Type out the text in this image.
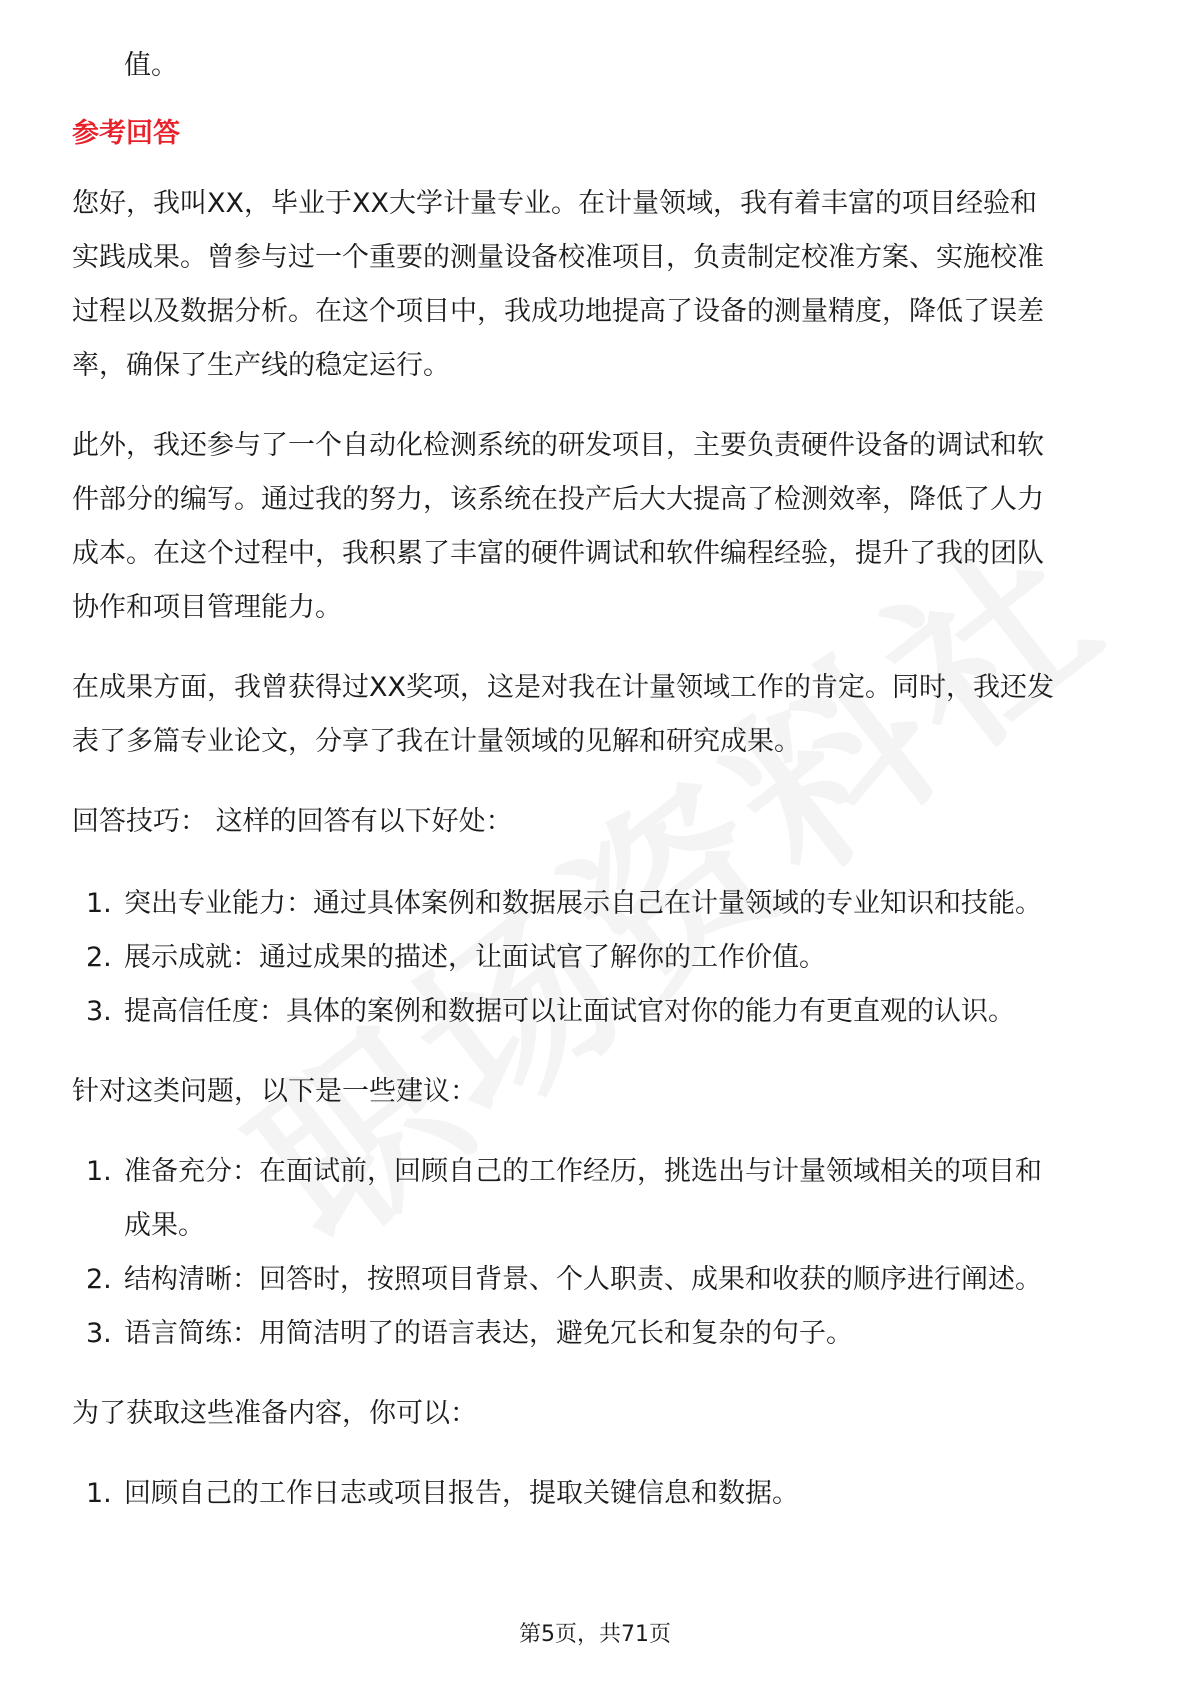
值。
参考回答
您好，我叫XX，毕业于XX大学计量专业。在计量领域，我有着丰富的项目经验和
实践成果。曾参与过一个重要的测量设备校准项目，负责制定校准方案、实施校准
过程以及数据分析。在这个项目中，我成功地提高了设备的测量精度，降低了误差
率，确保了生产线的稳定运行。
此外，我还参与了一个自动化检测系统的研发项目，主要负责硬件设备的调试和软
件部分的编写。通过我的努力，该系统在投产后大大提高了检测效率，降低了人力
成本。在这个过程中，我积累了丰富的硬件调试和软件编程经验，提升了我的团队
协作和项目管理能力。
在成果方面，我曾获得过XX奖项，这是对我在计量领域工作的肯定。同时，我还发
表了多篇专业论文，分享了我在计量领域的见解和研究成果。
回答技巧： 这样的回答有以下好处：
1. 突出专业能力：通过具体案例和数据展示自己在计量领域的专业知识和技能。
2. 展示成就：通过成果的描述，让面试官了解你的工作价值。
3. 提高信任度：具体的案例和数据可以让面试官对你的能力有更直观的认识。
针对这类问题，以下是一些建议：
1. 准备充分：在面试前，回顾自己的工作经历，挑选出与计量领域相关的项目和
成果。
2. 结构清晰：回答时，按照项目背景、个人职责、成果和收获的顺序进行阐述。
3. 语言简练：用简洁明了的语言表达，避免冗长和复杂的句子。
为了获取这些准备内容，你可以：
1. 回顾自己的工作日志或项目报告，提取关键信息和数据。
第5页，共71页
